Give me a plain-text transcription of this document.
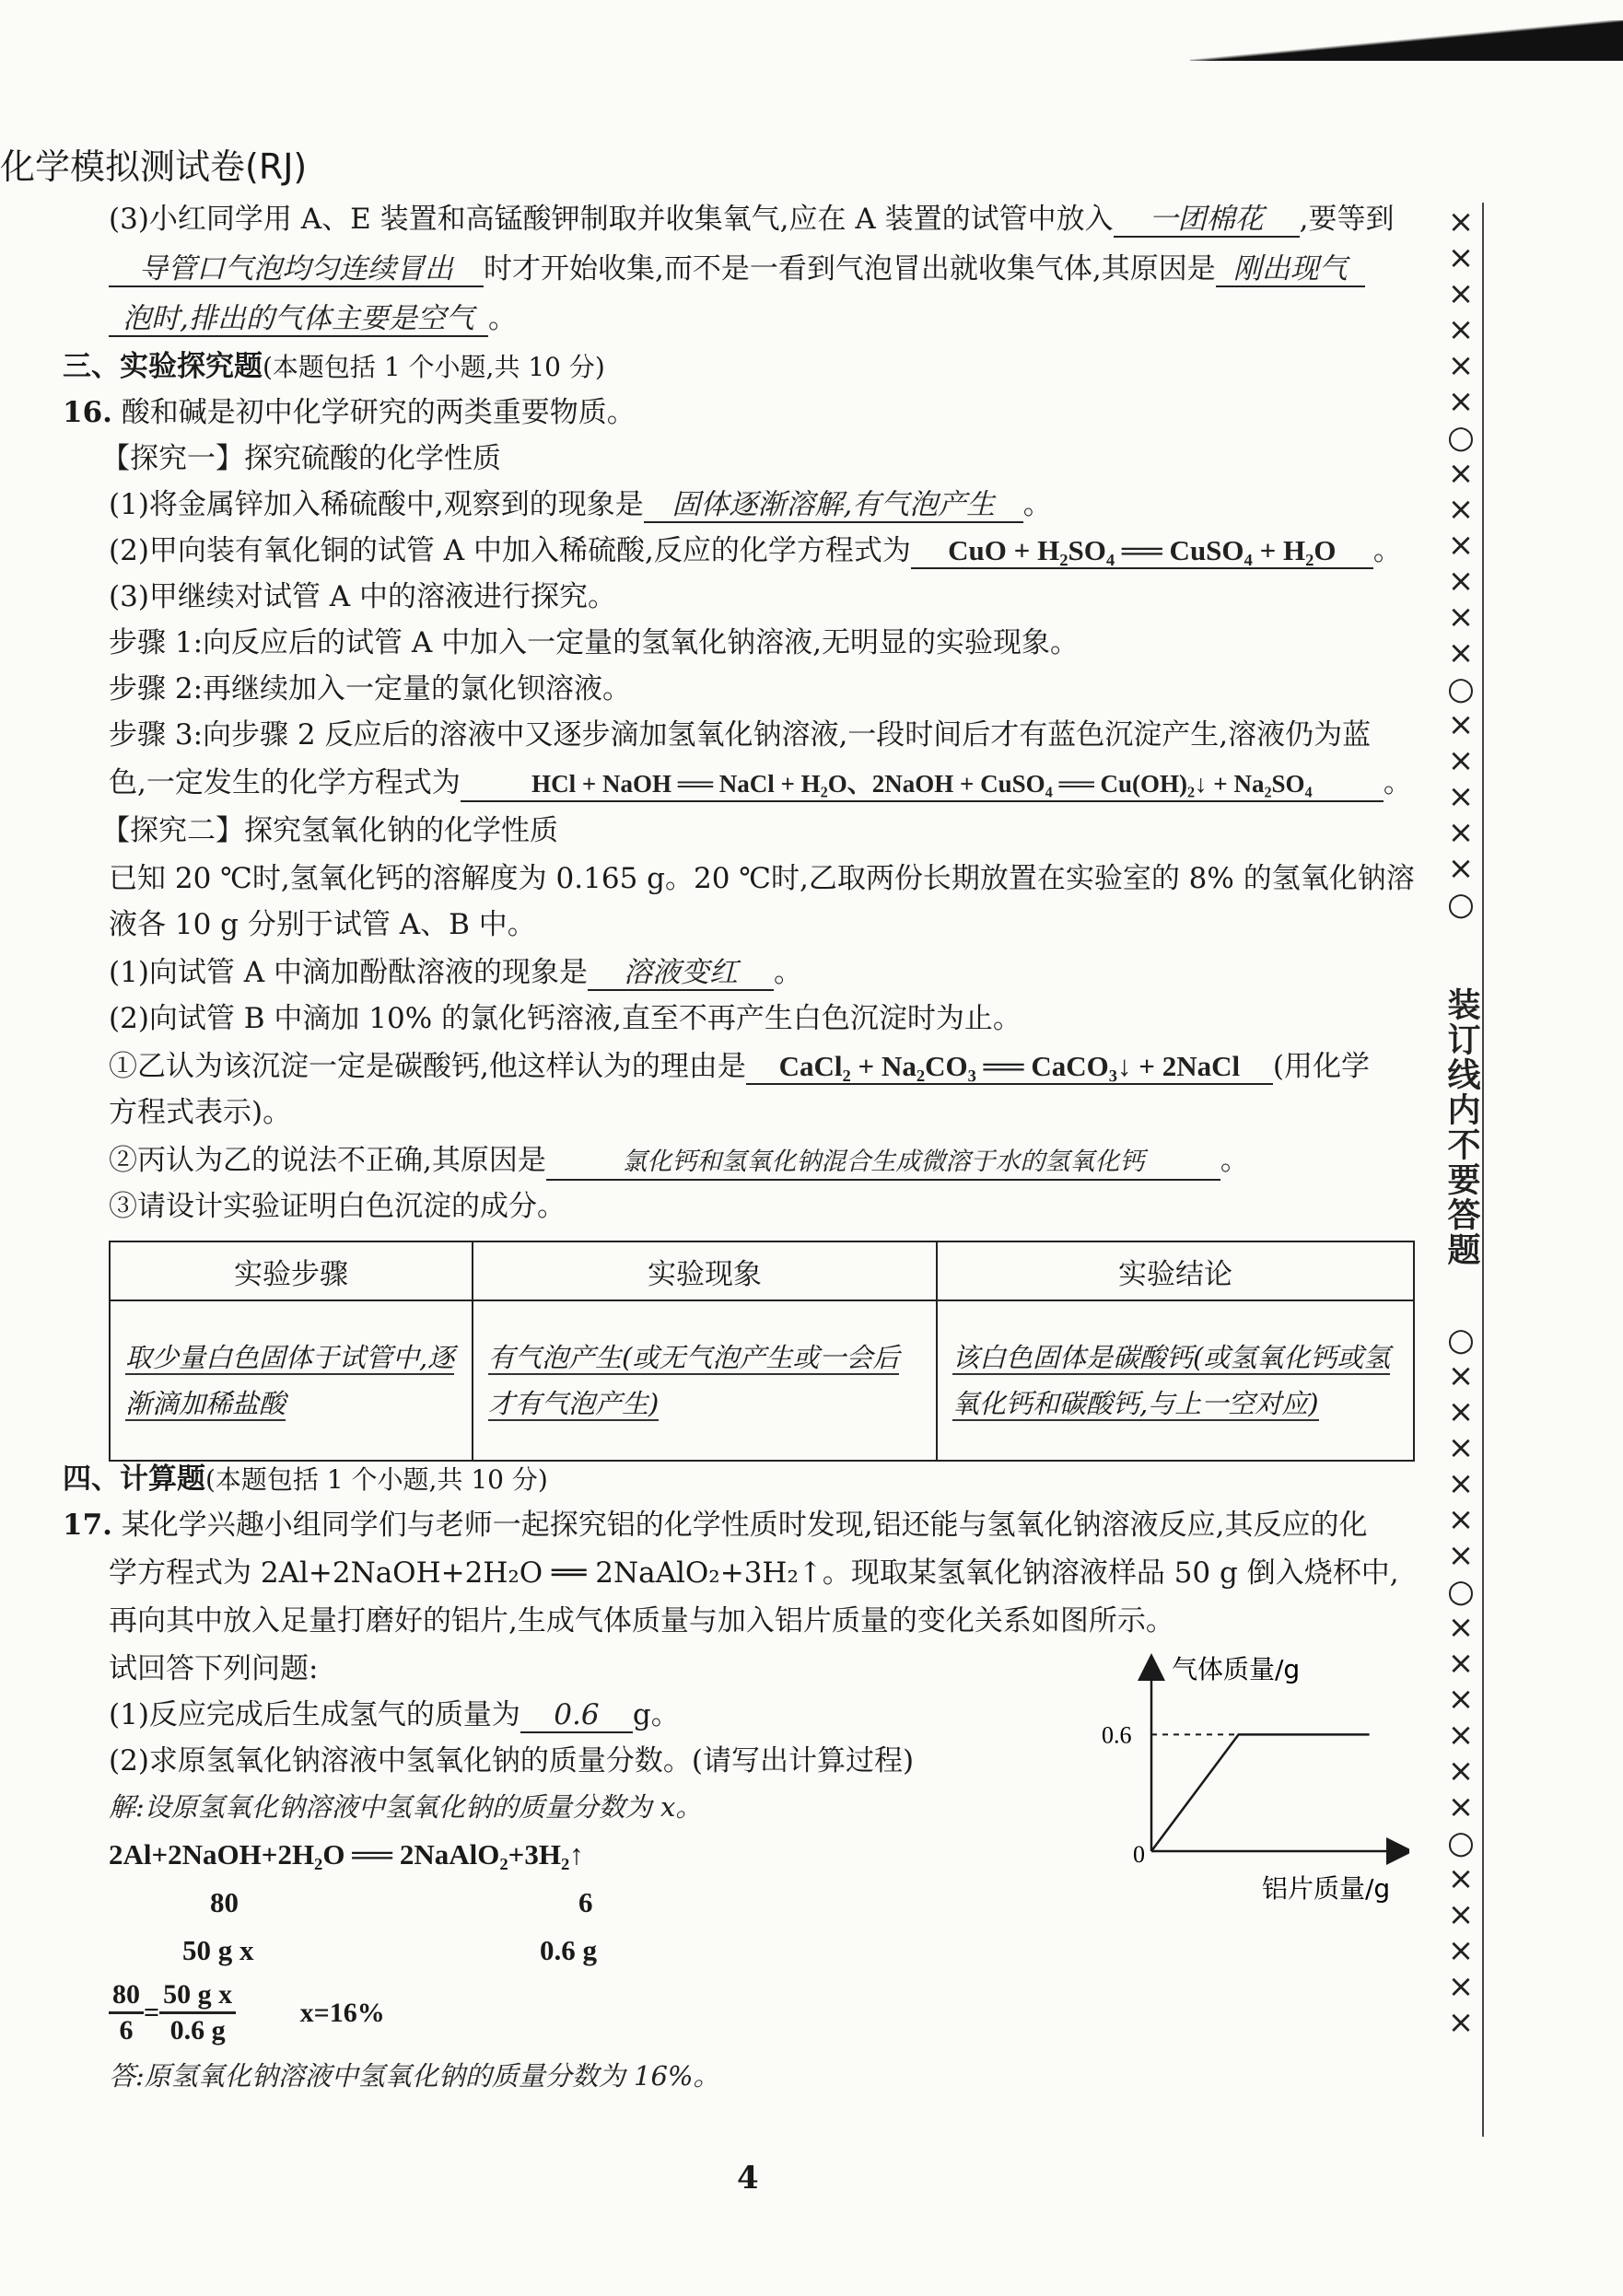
化学模拟测试卷(RJ)
(3)小红同学用 A、E 装置和高锰酸钾制取并收集氧气,应在 A 装置的试管中放入 一团棉花 ,要等到
导管口气泡均匀连续冒出 时才开始收集,而不是一看到气泡冒出就收集气体,其原因是 刚出现气
泡时,排出的气体主要是空气 。
三、实验探究题(本题包括 1 个小题,共 10 分)
16. 酸和碱是初中化学研究的两类重要物质。
【探究一】探究硫酸的化学性质
(1)将金属锌加入稀硫酸中,观察到的现象是 固体逐渐溶解,有气泡产生 。
(2)甲向装有氧化铜的试管 A 中加入稀硫酸,反应的化学方程式为 CuO + H₂SO₄ ══ CuSO₄ + H₂O 。
(3)甲继续对试管 A 中的溶液进行探究。
步骤 1:向反应后的试管 A 中加入一定量的氢氧化钠溶液,无明显的实验现象。
步骤 2:再继续加入一定量的氯化钡溶液。
步骤 3:向步骤 2 反应后的溶液中又逐步滴加氢氧化钠溶液,一段时间后才有蓝色沉淀产生,溶液仍为蓝
色,一定发生的化学方程式为	HCl + NaOH ══ NaCl + H₂O、2NaOH + CuSO₄ ══ Cu(OH)₂↓ + Na₂SO₄ 。
【探究二】探究氢氧化钠的化学性质
已知 20 ℃时,氢氧化钙的溶解度为 0.165 g。20 ℃时,乙取两份长期放置在实验室的 8% 的氢氧化钠溶
液各 10 g 分别于试管 A、B 中。
(1)向试管 A 中滴加酚酞溶液的现象是 溶液变红 。
(2)向试管 B 中滴加 10% 的氯化钙溶液,直至不再产生白色沉淀时为止。
①乙认为该沉淀一定是碳酸钙,他这样认为的理由是 CaCl₂ + Na₂CO₃ ══ CaCO₃↓ + 2NaCl (用化学
方程式表示)。
②丙认为乙的说法不正确,其原因是	氯化钙和氢氧化钠混合生成微溶于水的氢氧化钙	。
③请设计实验证明白色沉淀的成分。
实验步骤	实验现象	实验结论
取少量白色固体于试管中,逐渐滴加稀盐酸	有气泡产生(或无气泡产生或一会后才有气泡产生)	该白色固体是碳酸钙(或氢氧化钙或氢氧化钙和碳酸钙,与上一空对应)
四、计算题(本题包括 1 个小题,共 10 分)
17. 某化学兴趣小组同学们与老师一起探究铝的化学性质时发现,铝还能与氢氧化钠溶液反应,其反应的化
学方程式为 2Al+2NaOH+2H₂O ══ 2NaAlO₂+3H₂↑。现取某氢氧化钠溶液样品 50 g 倒入烧杯中,
再向其中放入足量打磨好的铝片,生成气体质量与加入铝片质量的变化关系如图所示。
试回答下列问题:
(1)反应完成后生成氢气的质量为 0.6 g。
(2)求原氢氧化钠溶液中氢氧化钠的质量分数。(请写出计算过程)
解:设原氢氧化钠溶液中氢氧化钠的质量分数为 x。
2Al+2NaOH+2H₂O ══ 2NaAlO₂+3H₂↑
80	6
50 g x	0.6 g
$\frac{80}{6} = \frac{\text{50 g x}}{0.6 g} x=16\%$
答:原氢氧化钠溶液中氢氧化钠的质量分数为 16%。
气体质量/g
铝片质量/g
0
0.6
×
×
×
×
×
×
○
×
×
×
×
×
×
○
×
×
×
×
×
○
装订线内不要答题
○
×
×
×
×
×
×
○
×
×
×
×
×
×
○
×
×
×
×
×
4
